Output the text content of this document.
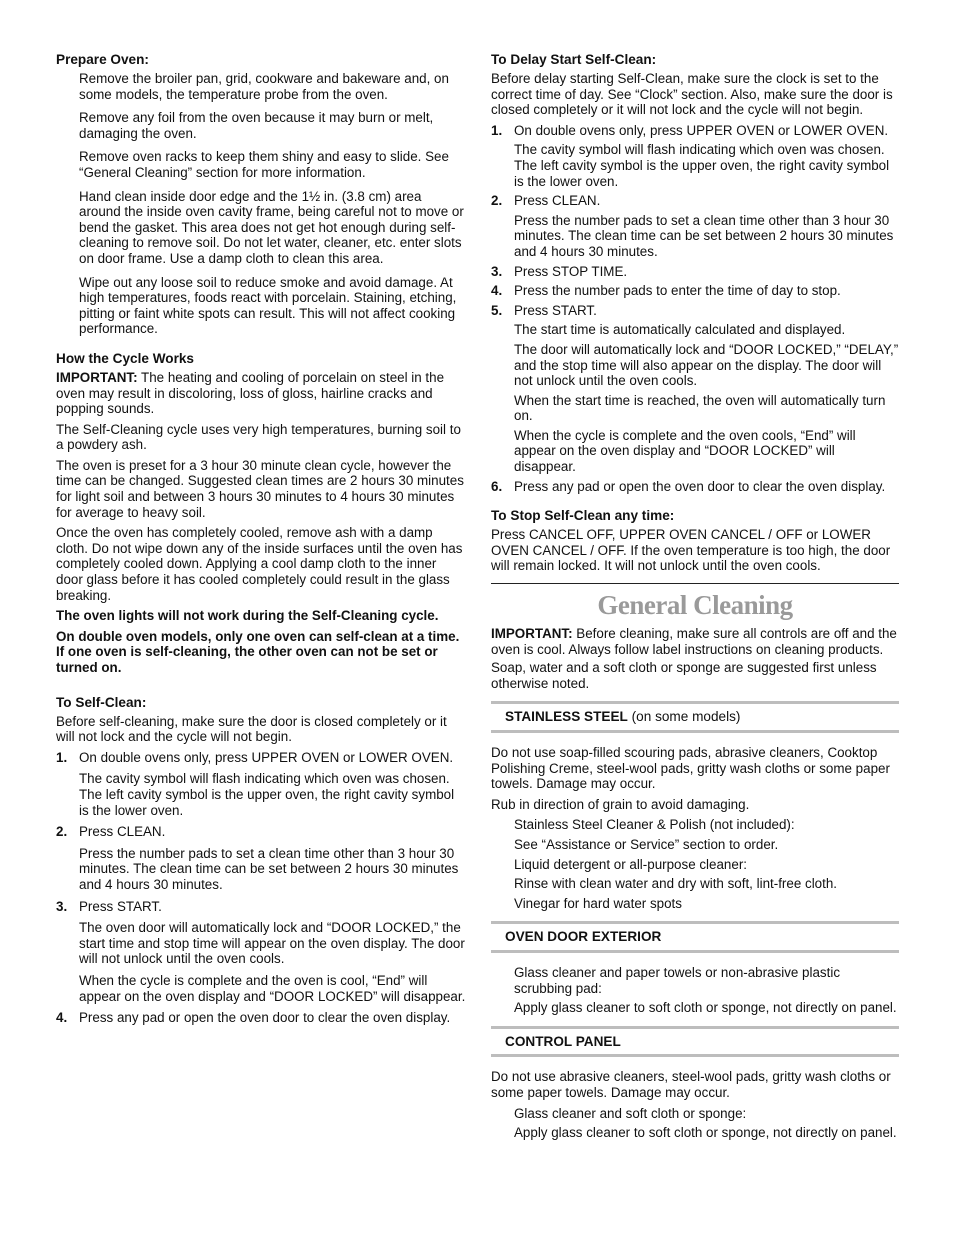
Prepare Oven:

Remove the broiler pan, grid, cookware and bakeware and, on some models, the temperature probe from the oven.

Remove any foil from the oven because it may burn or melt, damaging the oven.

Remove oven racks to keep them shiny and easy to slide. See “General Cleaning” section for more information.

Hand clean inside door edge and the 1½ in. (3.8 cm) area around the inside oven cavity frame, being careful not to move or bend the gasket. This area does not get hot enough during self-cleaning to remove soil. Do not let water, cleaner, etc. enter slots on door frame. Use a damp cloth to clean this area.

Wipe out any loose soil to reduce smoke and avoid damage. At high temperatures, foods react with porcelain. Staining, etching, pitting or faint white spots can result. This will not affect cooking performance.

How the Cycle Works

IMPORTANT: The heating and cooling of porcelain on steel in the oven may result in discoloring, loss of gloss, hairline cracks and popping sounds.

The Self-Cleaning cycle uses very high temperatures, burning soil to a powdery ash.

The oven is preset for a 3 hour 30 minute clean cycle, however the time can be changed. Suggested clean times are 2 hours 30 minutes for light soil and between 3 hours 30 minutes to 4 hours 30 minutes for average to heavy soil.

Once the oven has completely cooled, remove ash with a damp cloth. Do not wipe down any of the inside surfaces until the oven has completely cooled down. Applying a cool damp cloth to the inner door glass before it has cooled completely could result in the glass breaking.

The oven lights will not work during the Self-Cleaning cycle.

On double oven models, only one oven can self-clean at a time. If one oven is self-cleaning, the other oven can not be set or turned on.

To Self-Clean:

Before self-cleaning, make sure the door is closed completely or it will not lock and the cycle will not begin.

1. On double ovens only, press UPPER OVEN or LOWER OVEN.

The cavity symbol will flash indicating which oven was chosen. The left cavity symbol is the upper oven, the right cavity symbol is the lower oven.

2. Press CLEAN.

Press the number pads to set a clean time other than 3 hour 30 minutes. The clean time can be set between 2 hours 30 minutes and 4 hours 30 minutes.

3. Press START.

The oven door will automatically lock and “DOOR LOCKED,” the start time and stop time will appear on the oven display. The door will not unlock until the oven cools.

When the cycle is complete and the oven is cool, “End” will appear on the oven display and “DOOR LOCKED” will disappear.

4. Press any pad or open the oven door to clear the oven display.

To Delay Start Self-Clean:

Before delay starting Self-Clean, make sure the clock is set to the correct time of day. See “Clock” section. Also, make sure the door is closed completely or it will not lock and the cycle will not begin.

1. On double ovens only, press UPPER OVEN or LOWER OVEN.

The cavity symbol will flash indicating which oven was chosen. The left cavity symbol is the upper oven, the right cavity symbol is the lower oven.

2. Press CLEAN.

Press the number pads to set a clean time other than 3 hour 30 minutes. The clean time can be set between 2 hours 30 minutes and 4 hours 30 minutes.

3. Press STOP TIME.

4. Press the number pads to enter the time of day to stop.

5. Press START.

The start time is automatically calculated and displayed.

The door will automatically lock and “DOOR LOCKED,” “DELAY,” and the stop time will also appear on the display. The door will not unlock until the oven cools.

When the start time is reached, the oven will automatically turn on.

When the cycle is complete and the oven cools, “End” will appear on the oven display and “DOOR LOCKED” will disappear.

6. Press any pad or open the oven door to clear the oven display.

To Stop Self-Clean any time:

Press CANCEL OFF, UPPER OVEN CANCEL / OFF or LOWER OVEN CANCEL / OFF. If the oven temperature is too high, the door will remain locked. It will not unlock until the oven cools.

General Cleaning

IMPORTANT: Before cleaning, make sure all controls are off and the oven is cool. Always follow label instructions on cleaning products.

Soap, water and a soft cloth or sponge are suggested first unless otherwise noted.

STAINLESS STEEL (on some models)

Do not use soap-filled scouring pads, abrasive cleaners, Cooktop Polishing Creme, steel-wool pads, gritty wash cloths or some paper towels. Damage may occur.

Rub in direction of grain to avoid damaging.

Stainless Steel Cleaner & Polish (not included):

See “Assistance or Service” section to order.

Liquid detergent or all-purpose cleaner:

Rinse with clean water and dry with soft, lint-free cloth.

Vinegar for hard water spots

OVEN DOOR EXTERIOR

Glass cleaner and paper towels or non-abrasive plastic scrubbing pad:

Apply glass cleaner to soft cloth or sponge, not directly on panel.

CONTROL PANEL

Do not use abrasive cleaners, steel-wool pads, gritty wash cloths or some paper towels. Damage may occur.

Glass cleaner and soft cloth or sponge:

Apply glass cleaner to soft cloth or sponge, not directly on panel.
